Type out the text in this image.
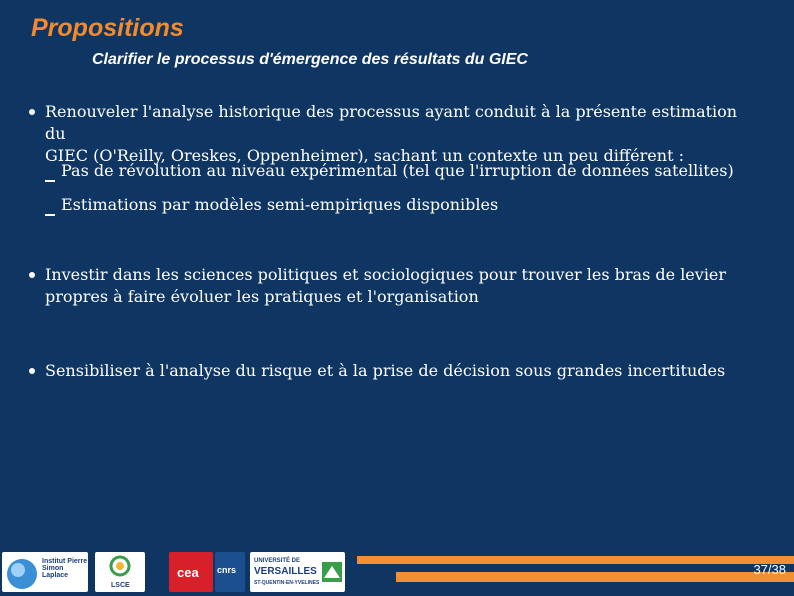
Propositions
Clarifier le processus d'émergence des résultats du GIEC
Renouveler l'analyse historique des processus ayant conduit à la présente estimation du
GIEC (O'Reilly, Oreskes, Oppenheimer), sachant un contexte un peu différent :
Pas de révolution au niveau expérimental (tel que l'irruption de données satellites)
Estimations par modèles semi-empiriques disponibles
Investir dans les sciences politiques et sociologiques pour trouver les bras de levier
propres à faire évoluer les pratiques et l'organisation
Sensibiliser à l'analyse du risque et à la prise de décision sous grandes incertitudes
Institut Pierre Simon Laplace
LSCE
cea cnrs
UNIVERSITÉ DE
VERSAILLES
ST-QUENTIN-EN-YVELINES
37/38
